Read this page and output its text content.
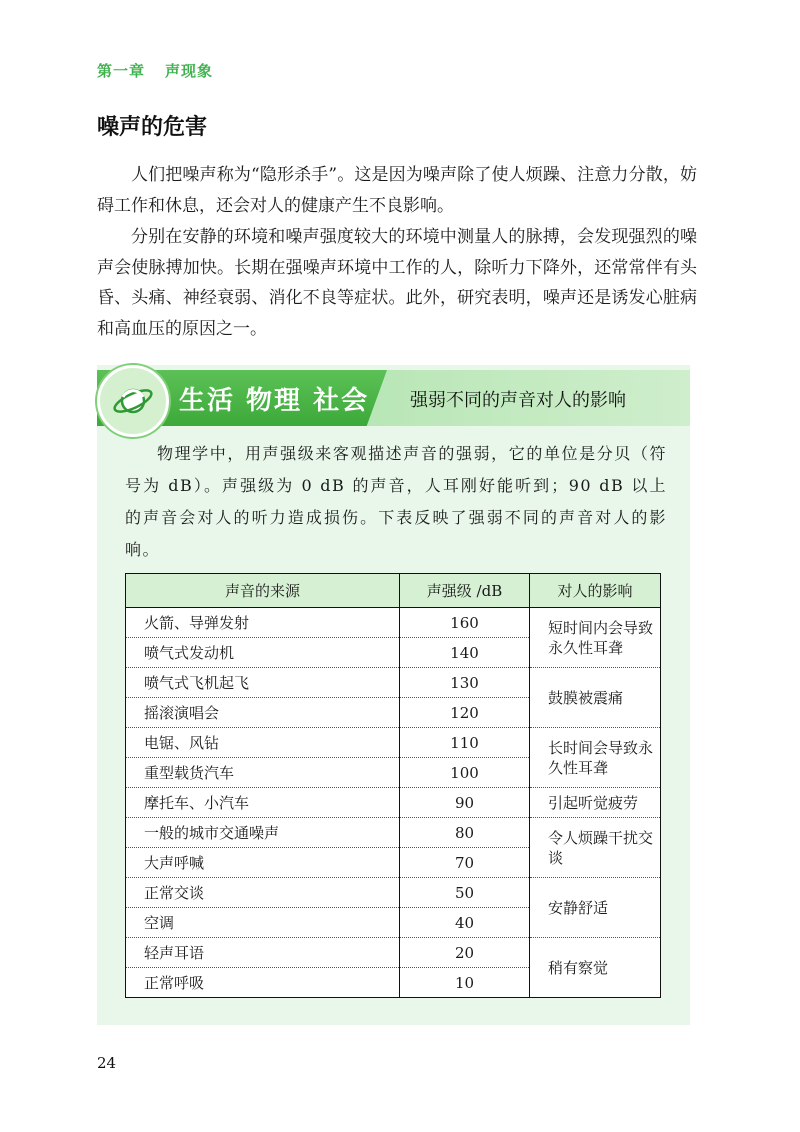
第一章 声现象
噪声的危害

人们把噪声称为“隐形杀手”。这是因为噪声除了使人烦躁、注意力分散，妨碍工作和休息，还会对人的健康产生不良影响。

分别在安静的环境和噪声强度较大的环境中测量人的脉搏，会发现强烈的噪声会使脉搏加快。长期在强噪声环境中工作的人，除听力下降外，还常常伴有头昏、头痛、神经衰弱、消化不良等症状。此外，研究表明，噪声还是诱发心脏病和高血压的原因之一。

生活 物理 社会 强弱不同的声音对人的影响

物理学中，用声强级来客观描述声音的强弱，它的单位是分贝（符号为 dB）。声强级为 0 dB 的声音，人耳刚好能听到；90 dB 以上的声音会对人的听力造成损伤。下表反映了强弱不同的声音对人的影响。

声音的来源	声强级 /dB	对人的影响
火箭、导弹发射	160	短时间内会导致永久性耳聋
喷气式发动机	140	
喷气式飞机起飞	130	鼓膜被震痛
摇滚演唱会	120	
电锯、风钻	110	长时间会导致永久性耳聋
重型载货汽车	100	
摩托车、小汽车	90	引起听觉疲劳
一般的城市交通噪声	80	令人烦躁干扰交谈
大声呼喊	70	
正常交谈	50	安静舒适
空调	40	
轻声耳语	20	稍有察觉
正常呼吸	10	
24
